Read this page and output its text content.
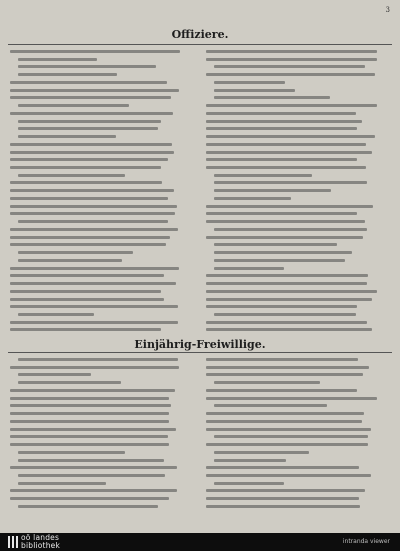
3
Offiziere.
Einjährig-Freiwillige.
oö landes
bibliothek	intranda viewer
